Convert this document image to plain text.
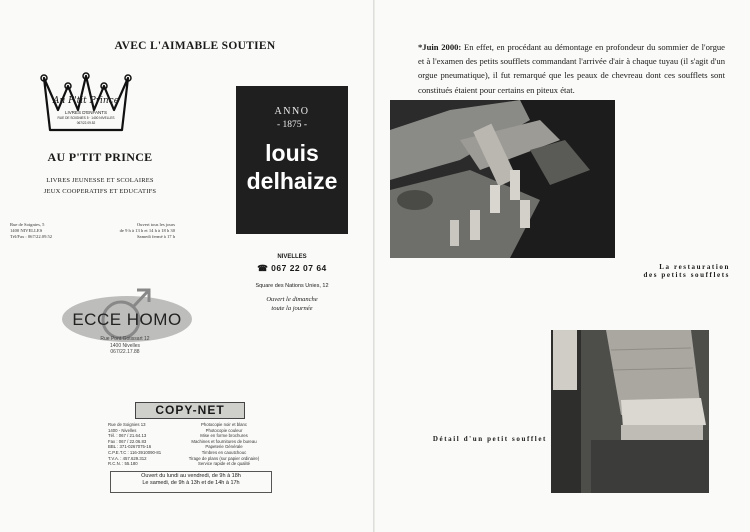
AVEC L'AIMABLE SOUTIEN
Au P'tit Prince
LIVRES D'ENFANTS
RUE DE SOIGNIES 5 · 1400 NIVELLES
067/22.09.52
AU P'TIT PRINCE
LIVRES JEUNESSE ET SCOLAIRES
JEUX COOPERATIFS ET EDUCATIFS
Rue de Soignies, 5
1400 NIVELLES
Tél/Fax : 067/22.09.52
Ouvert tous les jours
de 9 h à 13 h et 14 h à 18 h 30
Samedi fermé à 17 h
ANNO
- 1875 -
louis
delhaize
NIVELLES
☎ 067 22 07 64
Square des Nations Unies, 12
Ouvert le dimanche
toute la journée
ECCE HOMO
Rue Pont Gotissart 12
1400 Nivelles
067/22.17.88
COPY-NET
Rue de Soignies 13
1400 - Nivelles
Tél. : 067 / 21.64.13
Fax : 067 / 22.06.83
BBL : 371-0267075-16
C.P.E.T.C : 116-3910090-81
T.V.A. : 457.629.312
R.C.N. : 55.180
Photocopie noir et blanc
Photocopie couleur
Mise en forme brochures
Machines et fournitures de bureau
Papeterie Générale
Timbres en caoutchouc
Tirage de plans (sur papier ordinaire)
Service rapide et de qualité
Ouvert du lundi au vendredi, de 9h à 18h
Le samedi, de 9h à 13h et de 14h à 17h
*Juin 2000: En effet, en procédant au démontage en profondeur du sommier de l'orgue et à l'examen des petits soufflets commandant l'arrivée d'air à chaque tuyau (il s'agit d'un orgue pneumatique), il fut remarqué que les peaux de chevreau dont ces soufflets sont constitués étaient pour certains en piteux état.
La restauration
des petits soufflets
Détail d'un petit soufflet
